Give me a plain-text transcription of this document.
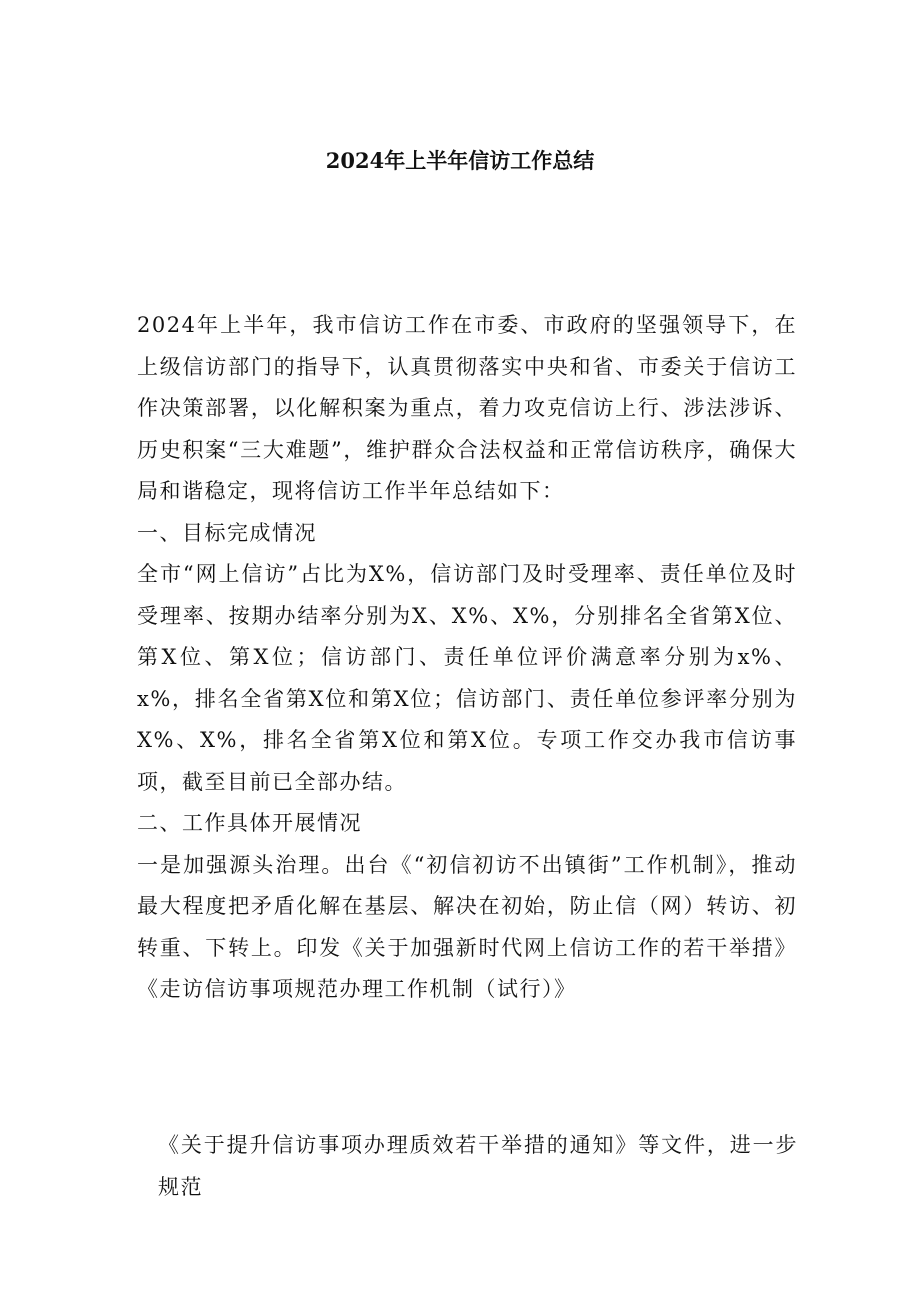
2024年上半年信访工作总结

2024年上半年，我市信访工作在市委、市政府的坚强领导下，在上级信访部门的指导下，认真贯彻落实中央和省、市委关于信访工作决策部署，以化解积案为重点，着力攻克信访上行、涉法涉诉、历史积案“三大难题”，维护群众合法权益和正常信访秩序，确保大局和谐稳定，现将信访工作半年总结如下：

一、目标完成情况

全市“网上信访”占比为X%，信访部门及时受理率、责任单位及时受理率、按期办结率分别为X、X%、X%，分别排名全省第X位、第X位、第X位；信访部门、责任单位评价满意率分别为x%、x%，排名全省第X位和第X位；信访部门、责任单位参评率分别为X%、X%，排名全省第X位和第X位。专项工作交办我市信访事项，截至目前已全部办结。

二、工作具体开展情况

一是加强源头治理。出台《“初信初访不出镇街”工作机制》，推动最大程度把矛盾化解在基层、解决在初始，防止信（网）转访、初转重、下转上。印发《关于加强新时代网上信访工作的若干举措》《走访信访事项规范办理工作机制（试行）》

《关于提升信访事项办理质效若干举措的通知》等文件，进一步规范
